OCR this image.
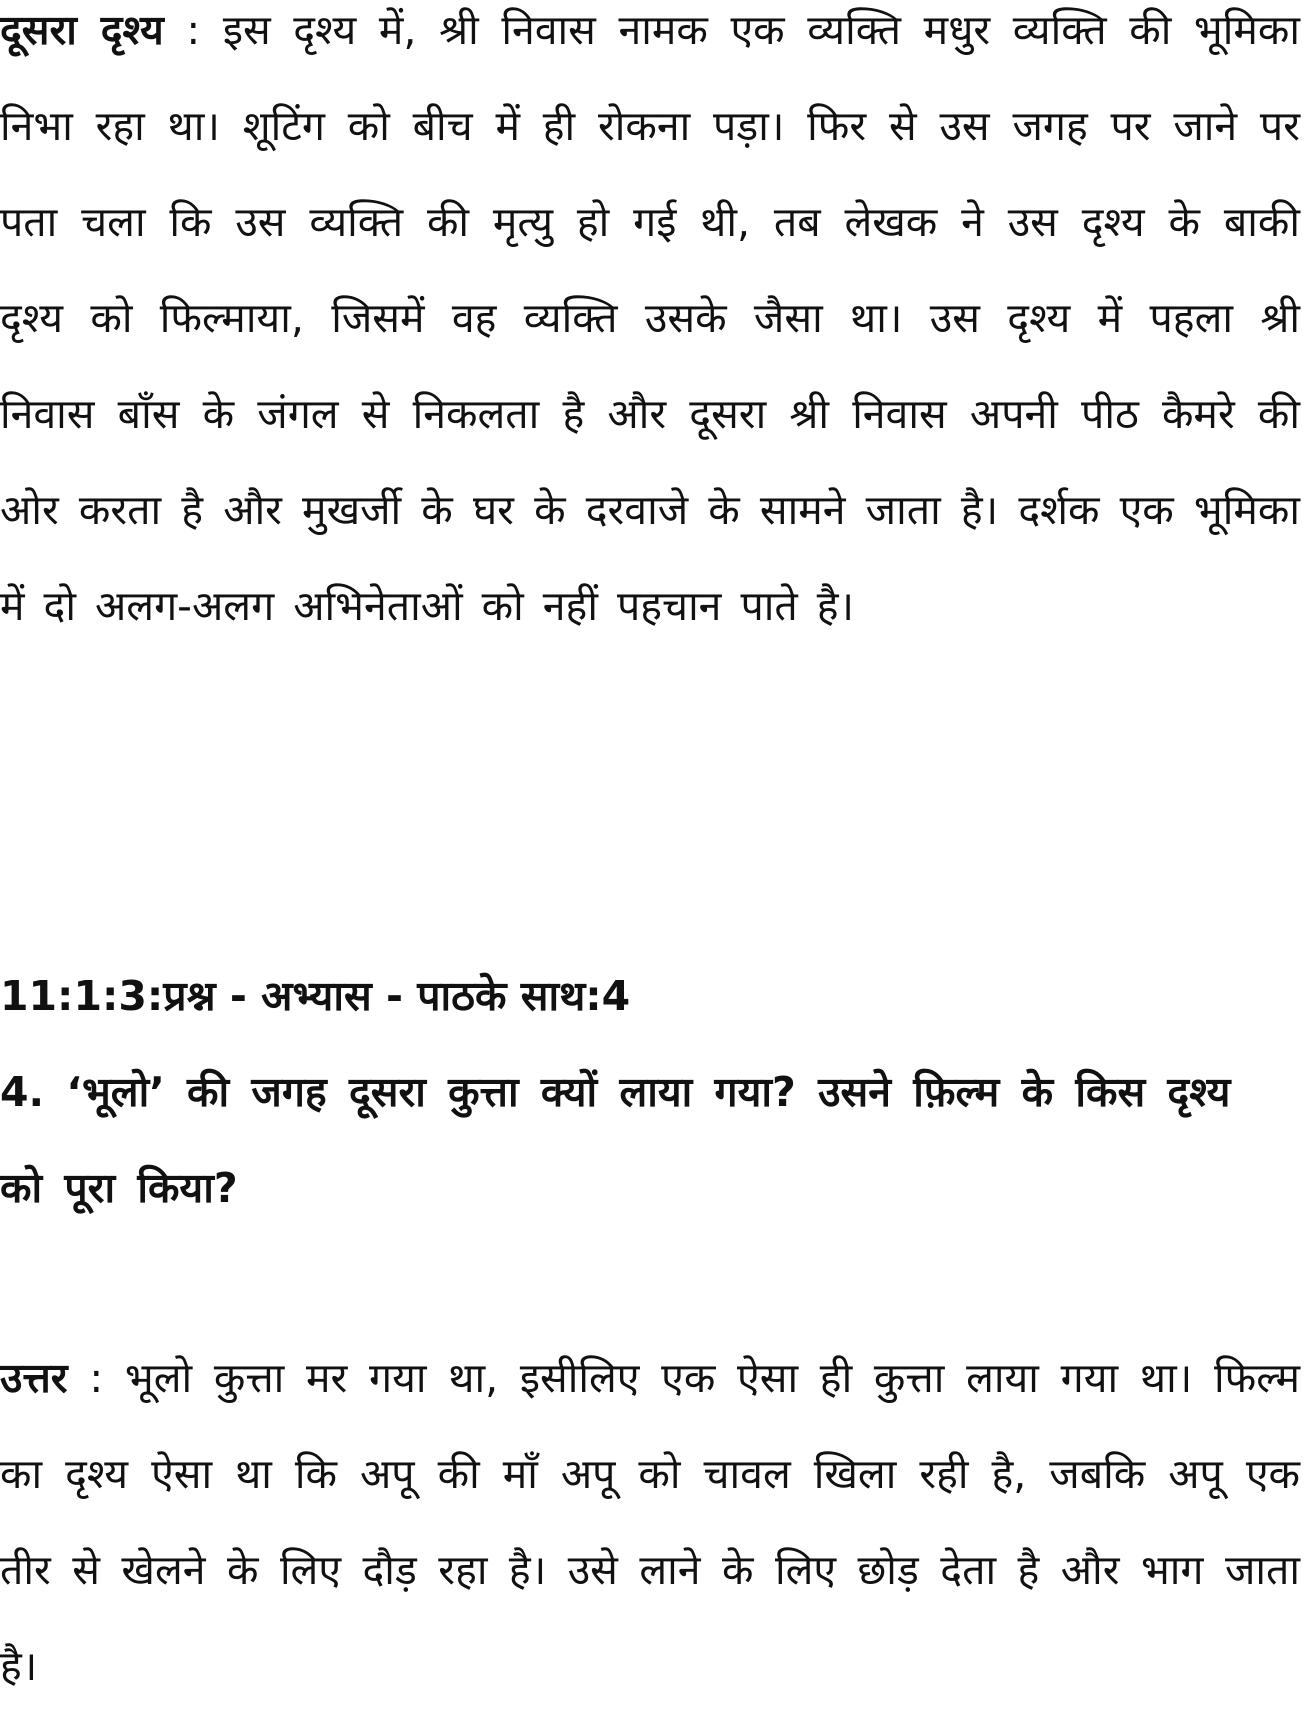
दूसरा दृश्य : इस दृश्य में, श्री निवास नामक एक व्यक्ति मधुर व्यक्ति की भूमिका निभा रहा था। शूटिंग को बीच में ही रोकना पड़ा। फिर से उस जगह पर जाने पर पता चला कि उस व्यक्ति की मृत्यु हो गई थी, तब लेखक ने उस दृश्य के बाकी दृश्य को फिल्माया, जिसमें वह व्यक्ति उसके जैसा था। उस दृश्य में पहला श्री निवास बाँस के जंगल से निकलता है और दूसरा श्री निवास अपनी पीठ कैमरे की ओर करता है और मुखर्जी के घर के दरवाजे के सामने जाता है। दर्शक एक भूमिका में दो अलग-अलग अभिनेताओं को नहीं पहचान पाते है।

11:1:3:प्रश्न - अभ्यास - पाठके साथ:4

4. ‘भूलो’ की जगह दूसरा कुत्ता क्यों लाया गया? उसने फ़िल्म के किस दृश्य को पूरा किया?

उत्तर : भूलो कुत्ता मर गया था, इसीलिए एक ऐसा ही कुत्ता लाया गया था। फिल्म का दृश्य ऐसा था कि अपू की माँ अपू को चावल खिला रही है, जबकि अपू एक तीर से खेलने के लिए दौड़ रहा है। उसे लाने के लिए छोड़ देता है और भाग जाता है।
